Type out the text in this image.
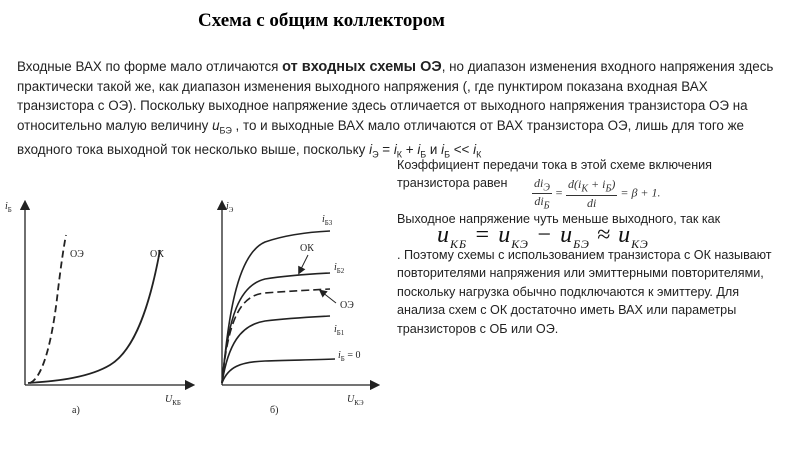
Схема с общим коллектором
Входные ВАХ по форме мало отличаются от входных схемы ОЭ, но диапазон изменения входного напряжения здесь практически такой же, как диапазон изменения выходного напряжения (, где пунктиром показана входная ВАХ транзистора с ОЭ). Поскольку выходное напряжение здесь отличается от выходного напряжения транзистора ОЭ на относительно малую величину $u_{БЭ}$ , то и выходные ВАХ мало отличаются от ВАХ транзистора ОЭ, лишь для того же входного тока выходной ток несколько выше, поскольку $i_Э = i_К + i_Б$ и $i_Б << i_К$
Коэффициент передачи тока в этой схеме включения транзистора равен	$\frac{di_Э}{di_Б} = \frac{d(i_К + i_Б)}{di} = \beta + 1$.
Выходное напряжение чуть меньше выходного, так как
$u_{КБ} = u_{КЭ} - u_{БЭ} \approx u_{КЭ}$
. Поэтому схемы с использованием транзистора с ОК называют повторителями напряжения или эмиттерными повторителями, поскольку нагрузка обычно подключаются к эмиттеру. Для анализа схем с ОК достаточно иметь ВАХ или параметры транзисторов с ОБ или ОЭ.
$i_Б$
$U_{КБ}$
ОЭ	ОК
а)
$i_Э$
$U_{КЭ}$
$i_{Б3}$
$i_{Б2}$
$i_{Б1}$
$i_Б = 0$
ОК
ОЭ
б)
